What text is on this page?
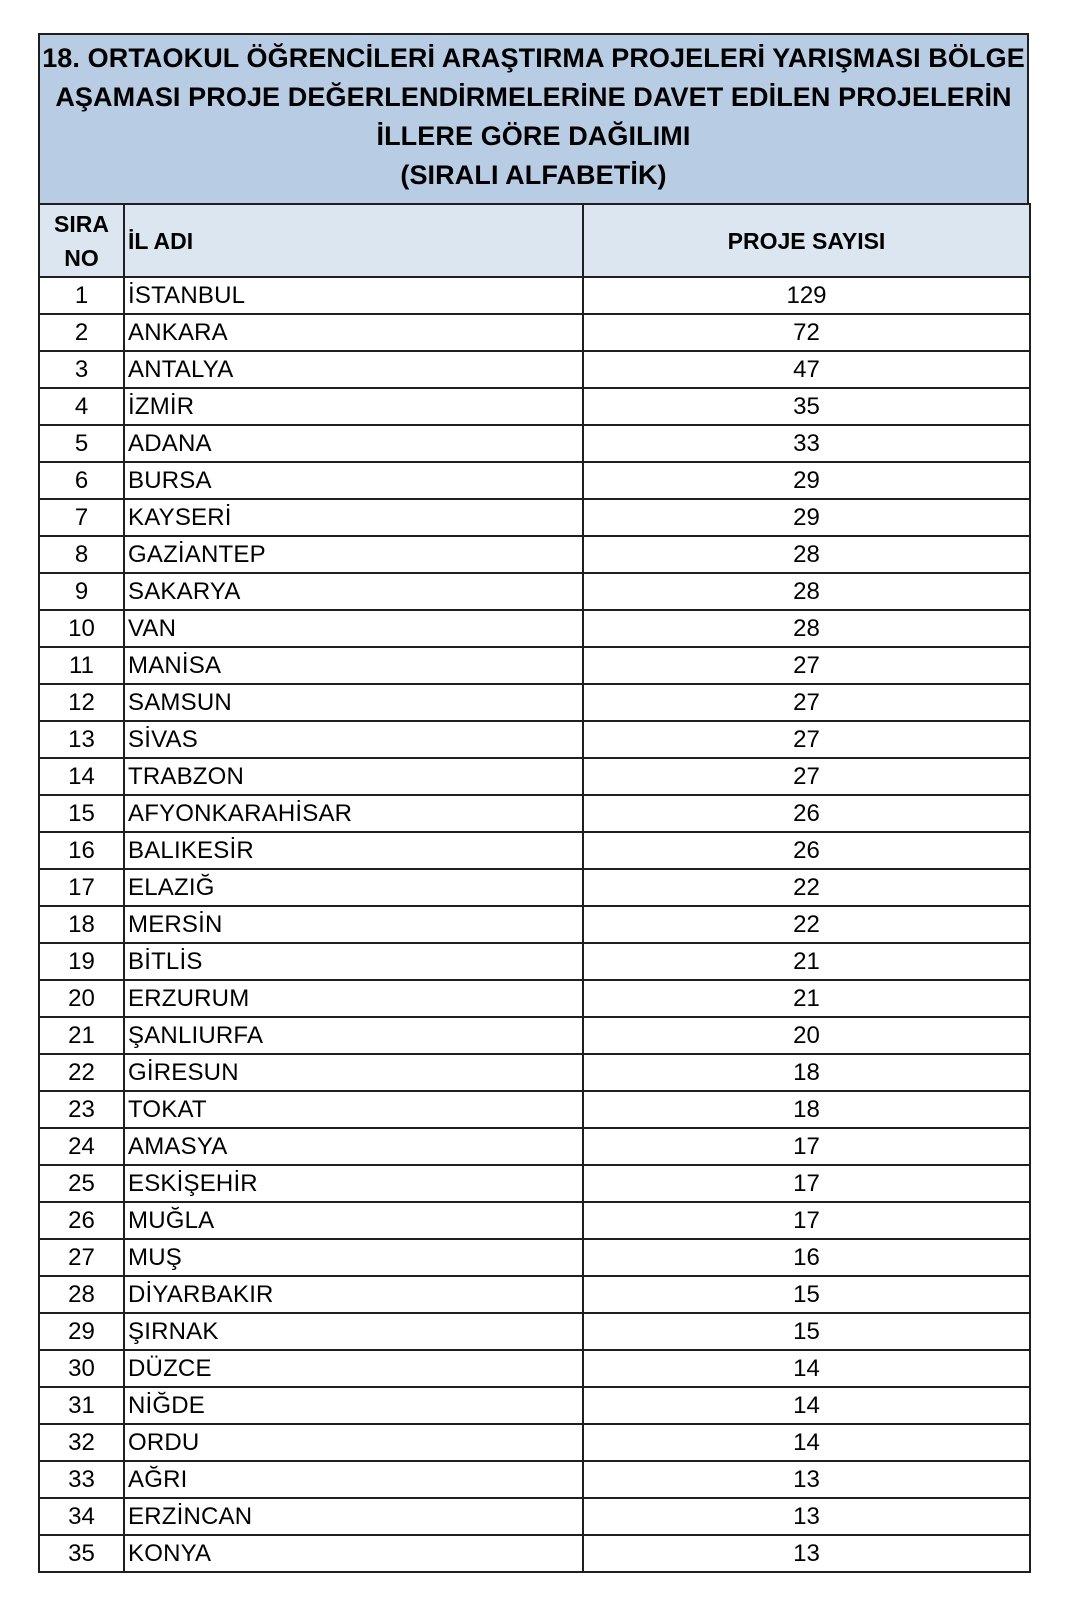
18. ORTAOKUL ÖĞRENCİLERİ ARAŞTIRMA PROJELERİ YARIŞMASI BÖLGE
AŞAMASI PROJE DEĞERLENDİRMELERİNE DAVET EDİLEN PROJELERİN
İLLERE GÖRE DAĞILIMI
(SIRALI ALFABETİK)
SIRA
NO	İL ADI	PROJE SAYISI
1	İSTANBUL	129
2	ANKARA	72
3	ANTALYA	47
4	İZMİR	35
5	ADANA	33
6	BURSA	29
7	KAYSERİ	29
8	GAZİANTEP	28
9	SAKARYA	28
10	VAN	28
11	MANİSA	27
12	SAMSUN	27
13	SİVAS	27
14	TRABZON	27
15	AFYONKARAHİSAR	26
16	BALIKESİR	26
17	ELAZIĞ	22
18	MERSİN	22
19	BİTLİS	21
20	ERZURUM	21
21	ŞANLIURFA	20
22	GİRESUN	18
23	TOKAT	18
24	AMASYA	17
25	ESKİŞEHİR	17
26	MUĞLA	17
27	MUŞ	16
28	DİYARBAKIR	15
29	ŞIRNAK	15
30	DÜZCE	14
31	NİĞDE	14
32	ORDU	14
33	AĞRI	13
34	ERZİNCAN	13
35	KONYA	13
